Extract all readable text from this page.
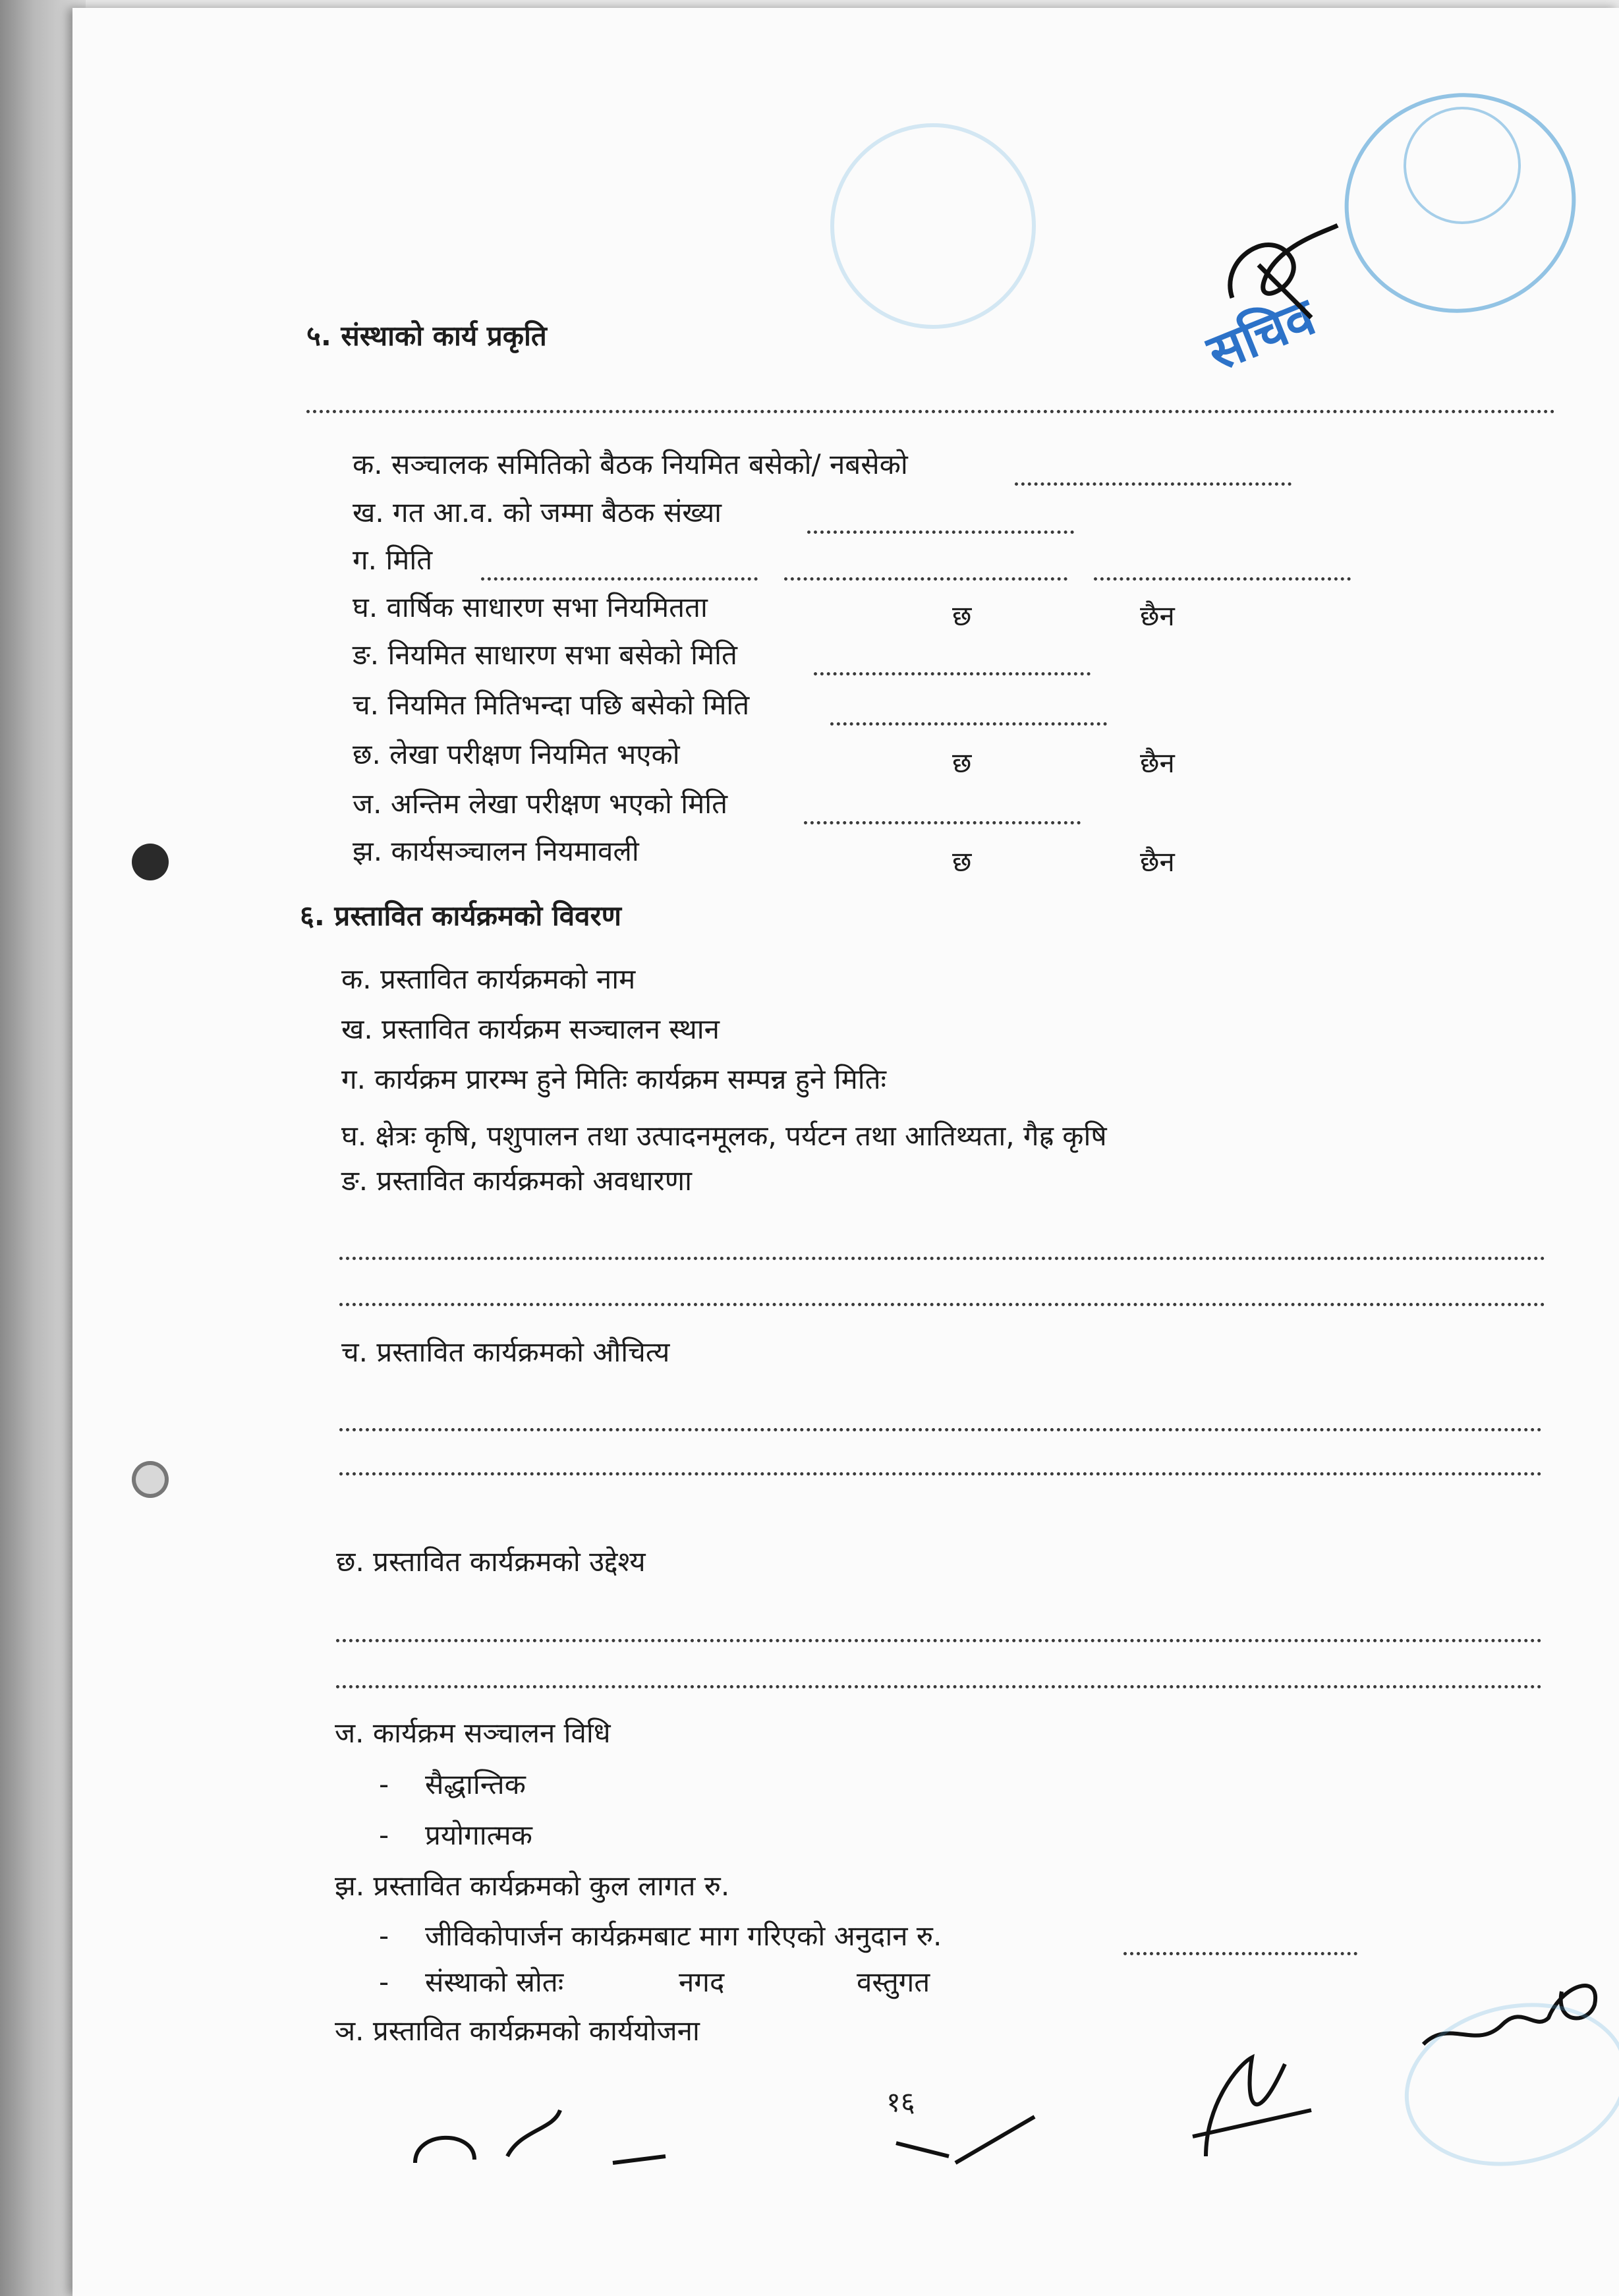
सचिव
५. संस्थाको कार्य प्रकृति
क. सञ्चालक समितिको बैठक नियमित बसेको/ नबसेको
ख. गत आ.व. को जम्मा बैठक संख्या
ग. मिति
घ. वार्षिक साधारण सभा नियमितता	छ	छैन
ङ. नियमित साधारण सभा बसेको मिति
च. नियमित मितिभन्दा पछि बसेको मिति
छ. लेखा परीक्षण नियमित भएको	छ	छैन
ज. अन्तिम लेखा परीक्षण भएको मिति
झ. कार्यसञ्चालन नियमावली	छ	छैन
६. प्रस्तावित कार्यक्रमको विवरण
क. प्रस्तावित कार्यक्रमको नाम
ख. प्रस्तावित कार्यक्रम सञ्चालन स्थान
ग. कार्यक्रम प्रारम्भ हुने मितिः कार्यक्रम सम्पन्न हुने मितिः
घ. क्षेत्रः कृषि, पशुपालन तथा उत्पादनमूलक, पर्यटन तथा आतिथ्यता, गैह्र कृषि
ङ. प्रस्तावित कार्यक्रमको अवधारणा
च. प्रस्तावित कार्यक्रमको औचित्य
छ. प्रस्तावित कार्यक्रमको उद्देश्य
ज. कार्यक्रम सञ्चालन विधि
- सैद्धान्तिक
- प्रयोगात्मक
झ. प्रस्तावित कार्यक्रमको कुल लागत रु.
- जीविकोपार्जन कार्यक्रमबाट माग गरिएको अनुदान रु.
- संस्थाको स्रोतः	नगद	वस्तुगत
ञ. प्रस्तावित कार्यक्रमको कार्ययोजना
१६
